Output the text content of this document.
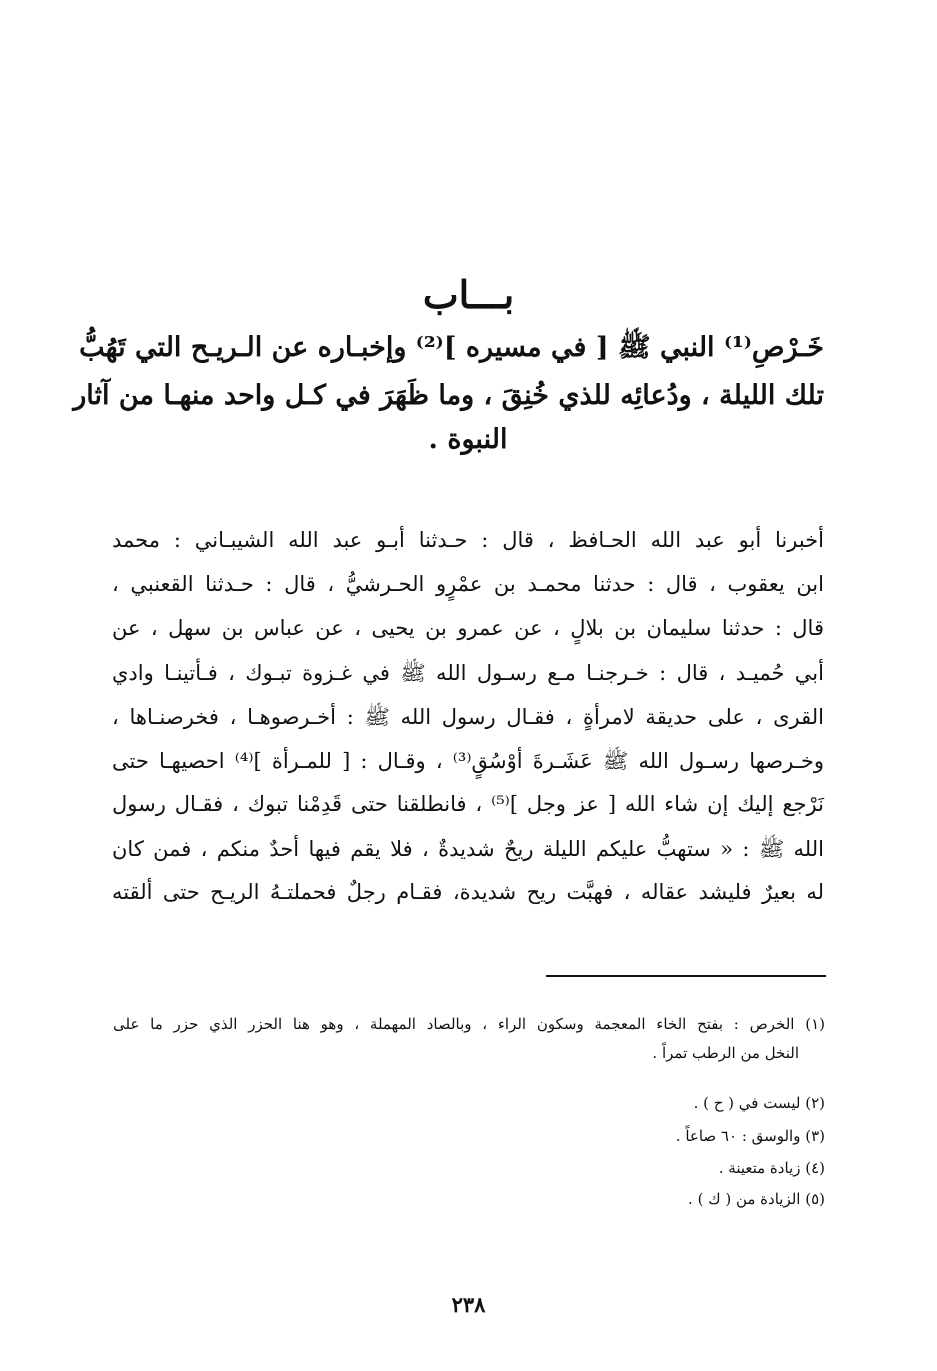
بـــاب
خَـرْصِ⁽¹⁾ النبي ﷺ [ في مسيره ]⁽²⁾ وإخبـاره عن الـريـح التي تَهُبُّ
تلك الليلة ، ودُعائِه للذي خُنِقَ ، وما ظَهَرَ في كـل واحد منهـا من آثار
النبوة .
أخبرنا أبو عبد الله الحـافظ ، قال : حـدثنا أبـو عبد الله الشيبـاني : محمد
ابن يعقوب ، قال : حدثنا محمـد بن عمْرٍو الحـرشيُّ ، قال : حـدثنا القعنبي ،
قال : حدثنا سليمان بن بلالٍ ، عن عمرو بن يحيى ، عن عباس بن سهل ، عن
أبي حُميـد ، قال : خـرجنـا مـع رسـول الله ﷺ في غـزوة تبـوك ، فـأتينـا وادي
القرى ، على حديقة لامرأةٍ ، فقـال رسول الله ﷺ : أخـرصوهـا ، فخرصنـاها ،
وخـرصها رسـول الله ﷺ عَشَـرةَ أوْسُقٍ⁽³⁾ ، وقـال : [ للمـرأة ]⁽⁴⁾ احصيهـا حتى
نَرْجع إليك إن شاء الله [ عز وجل ]⁽⁵⁾ ، فانطلقنا حتى قَدِمْنا تبوك ، فقـال رسول
الله ﷺ : « ستهبُّ عليكم الليلة ريحٌ شديدةٌ ، فلا يقم فيها أحدٌ منكم ، فمن كان
له بعيرٌ فليشد عقاله ، فهبَّت ريح شديدة، فقـام رجلٌ فحملتـهُ الريـح حتى ألقته
(١) الخرص : بفتح الخاء المعجمة وسكون الراء ، وبالصاد المهملة ، وهو هنا الحزر الذي حزر ما على
النخل من الرطب تمراً .
(٢) ليست في ( ح ) .
(٣) والوسق : ٦٠ صاعاً .
(٤) زيادة متعينة .
(٥) الزيادة من ( ك ) .
٢٣٨
